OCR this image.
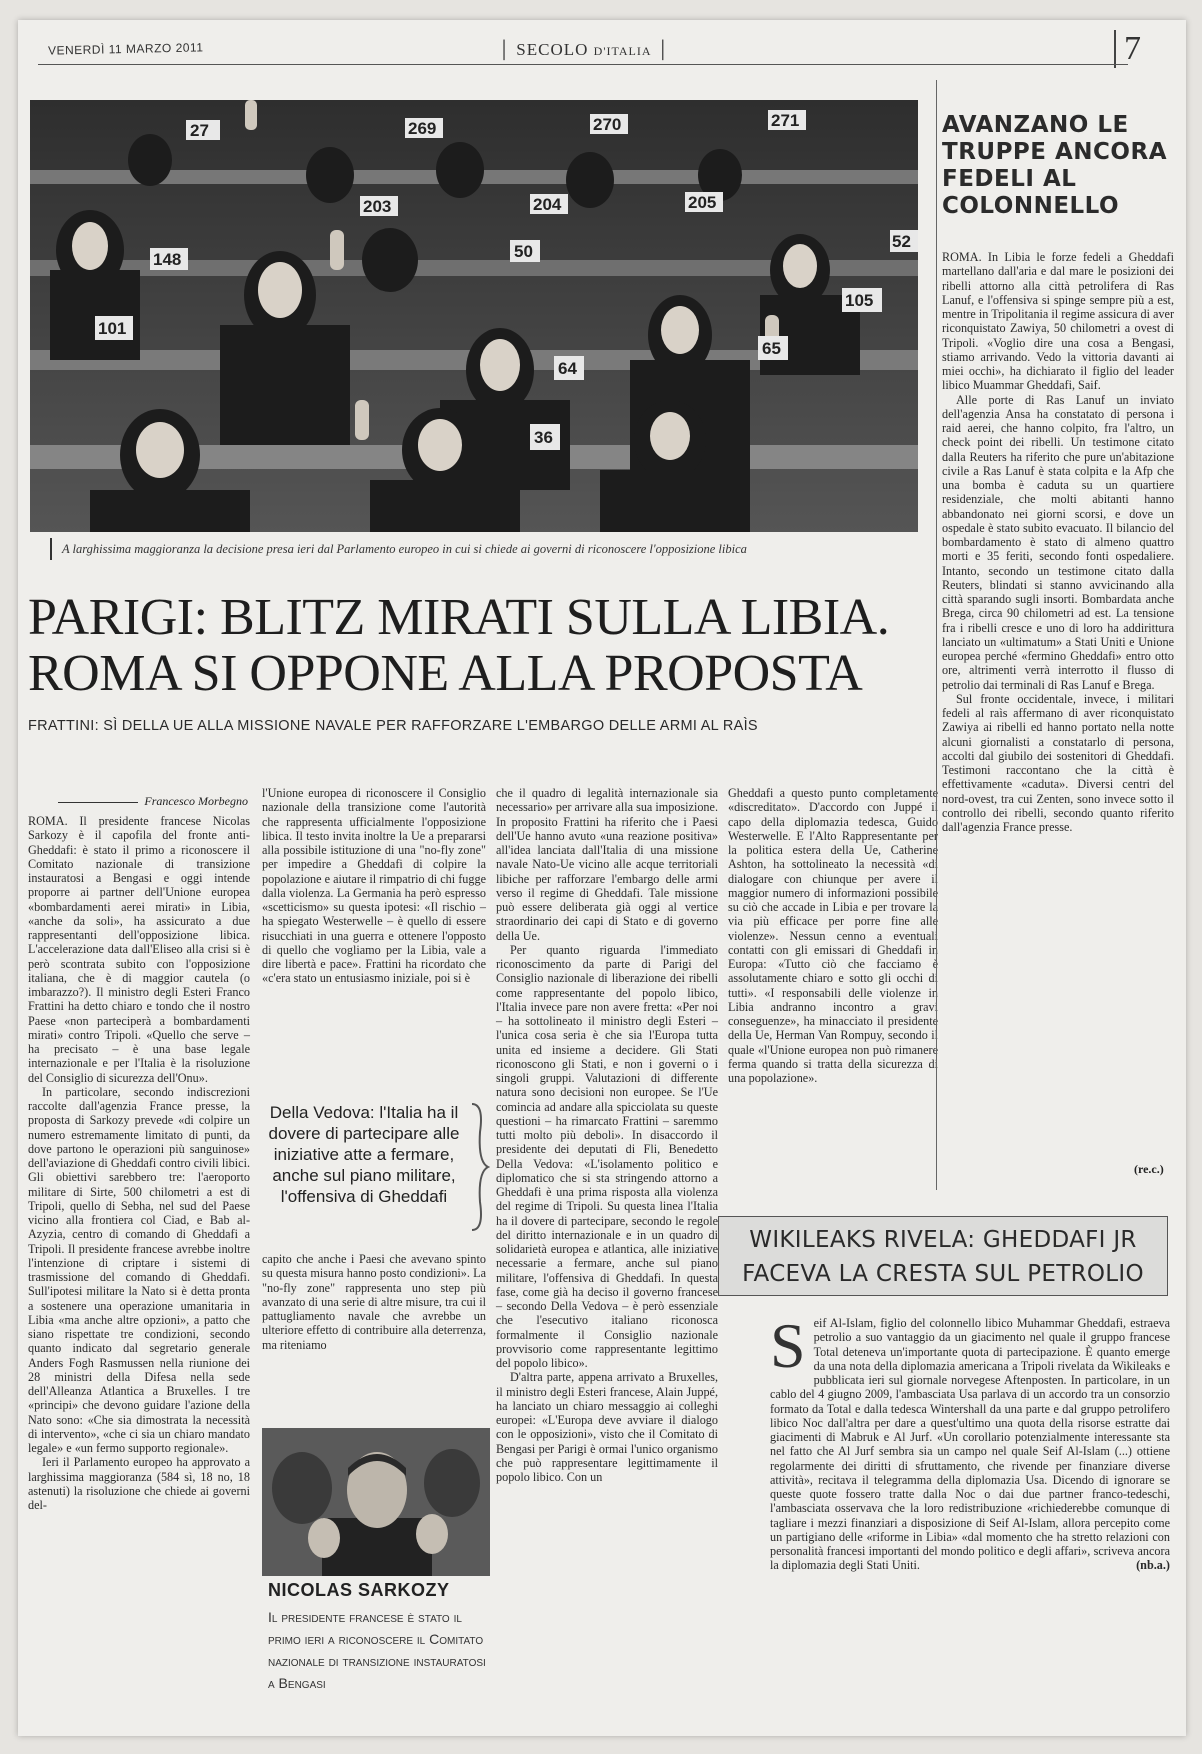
VENERDÌ 11 MARZO 2011	│ SECOLO D'ITALIA │	7
27	269	270	271
203	204	205
148	50
52
101
105
64
65
36
A larghissima maggioranza la decisione presa ieri dal Parlamento europeo in cui si chiede ai governi di riconoscere l'opposizione libica
PARIGI: BLITZ MIRATI SULLA LIBIA.
ROMA SI OPPONE ALLA PROPOSTA
FRATTINI: SÌ DELLA UE ALLA MISSIONE NAVALE PER RAFFORZARE L'EMBARGO DELLE ARMI AL RAÌS
Francesco Morbegno

ROMA. Il presidente francese Nicolas Sarkozy è il capofila del fronte anti-Gheddafi: è stato il primo a riconoscere il Comitato nazionale di transizione instauratosi a Bengasi e oggi intende proporre ai partner dell'Unione europea «bombardamenti aerei mirati» in Libia, «anche da soli», ha assicurato a due rappresentanti dell'opposizione libica. L'accelerazione data dall'Eliseo alla crisi si è però scontrata subito con l'opposizione italiana, che è di maggior cautela (o imbarazzo?). Il ministro degli Esteri Franco Frattini ha detto chiaro e tondo che il nostro Paese «non parteciperà a bombardamenti mirati» contro Tripoli. «Quello che serve – ha precisato – è una base legale internazionale e per l'Italia è la risoluzione del Consiglio di sicurezza dell'Onu».

In particolare, secondo indiscrezioni raccolte dall'agenzia France presse, la proposta di Sarkozy prevede «di colpire un numero estremamente limitato di punti, da dove partono le operazioni più sanguinose» dell'aviazione di Gheddafi contro civili libici. Gli obiettivi sarebbero tre: l'aeroporto militare di Sirte, 500 chilometri a est di Tripoli, quello di Sebha, nel sud del Paese vicino alla frontiera col Ciad, e Bab al-Azyzia, centro di comando di Gheddafi a Tripoli. Il presidente francese avrebbe inoltre l'intenzione di criptare i sistemi di trasmissione del comando di Gheddafi. Sull'ipotesi militare la Nato si è detta pronta a sostenere una operazione umanitaria in Libia «ma anche altre opzioni», a patto che siano rispettate tre condizioni, secondo quanto indicato dal segretario generale Anders Fogh Rasmussen nella riunione dei 28 ministri della Difesa nella sede dell'Alleanza Atlantica a Bruxelles. I tre «principi» che devono guidare l'azione della Nato sono: «Che sia dimostrata la necessità di intervento», «che ci sia un chiaro mandato legale» e «un fermo supporto regionale».

Ieri il Parlamento europeo ha approvato a larghissima maggioranza (584 sì, 18 no, 18 astenuti) la risoluzione che chiede ai governi del-

l'Unione europea di riconoscere il Consiglio nazionale della transizione come l'autorità che rappresenta ufficialmente l'opposizione libica. Il testo invita inoltre la Ue a prepararsi alla possibile istituzione di una "no-fly zone" per impedire a Gheddafi di colpire la popolazione e aiutare il rimpatrio di chi fugge dalla violenza. La Germania ha però espresso «scetticismo» su questa ipotesi: «Il rischio – ha spiegato Westerwelle – è quello di essere risucchiati in una guerra e ottenere l'opposto di quello che vogliamo per la Libia, vale a dire libertà e pace». Frattini ha ricordato che «c'era stato un entusiasmo iniziale, poi si è

Della Vedova: l'Italia ha il dovere di partecipare alle iniziative atte a fermare, anche sul piano militare, l'offensiva di Gheddafi

capito che anche i Paesi che avevano spinto su questa misura hanno posto condizioni». La "no-fly zone" rappresenta uno step più avanzato di una serie di altre misure, tra cui il pattugliamento navale che avrebbe un ulteriore effetto di contribuire alla deterrenza, ma riteniamo

NICOLAS SARKOZY
Il presidente francese è stato il primo ieri a riconoscere il Comitato nazionale di transizione instauratosi a Bengasi

che il quadro di legalità internazionale sia necessario» per arrivare alla sua imposizione. In proposito Frattini ha riferito che i Paesi dell'Ue hanno avuto «una reazione positiva» all'idea lanciata dall'Italia di una missione navale Nato-Ue vicino alle acque territoriali libiche per rafforzare l'embargo delle armi verso il regime di Gheddafi. Tale missione può essere deliberata già oggi al vertice straordinario dei capi di Stato e di governo della Ue.

Per quanto riguarda l'immediato riconoscimento da parte di Parigi del Consiglio nazionale di liberazione dei ribelli come rappresentante del popolo libico, l'Italia invece pare non avere fretta: «Per noi – ha sottolineato il ministro degli Esteri – l'unica cosa seria è che sia l'Europa tutta unita ed insieme a decidere. Gli Stati riconoscono gli Stati, e non i governi o i singoli gruppi. Valutazioni di differente natura sono decisioni non europee. Se l'Ue comincia ad andare alla spicciolata su queste questioni – ha rimarcato Frattini – saremmo tutti molto più deboli». In disaccordo il presidente dei deputati di Fli, Benedetto Della Vedova: «L'isolamento politico e diplomatico che si sta stringendo attorno a Gheddafi è una prima risposta alla violenza del regime di Tripoli. Su questa linea l'Italia ha il dovere di partecipare, secondo le regole del diritto internazionale e in un quadro di solidarietà europea e atlantica, alle iniziative necessarie a fermare, anche sul piano militare, l'offensiva di Gheddafi. In questa fase, come già ha deciso il governo francese – secondo Della Vedova – è però essenziale che l'esecutivo italiano riconosca formalmente il Consiglio nazionale provvisorio come rappresentante legittimo del popolo libico».

D'altra parte, appena arrivato a Bruxelles, il ministro degli Esteri francese, Alain Juppé, ha lanciato un chiaro messaggio ai colleghi europei: «L'Europa deve avviare il dialogo con le opposizioni», visto che il Comitato di Bengasi per Parigi è ormai l'unico organismo che può rappresentare legittimamente il popolo libico. Con un

Gheddafi a questo punto completamente «discreditato». D'accordo con Juppé il capo della diplomazia tedesca, Guido Westerwelle. E l'Alto Rappresentante per la politica estera della Ue, Catherine Ashton, ha sottolineato la necessità «di dialogare con chiunque per avere il maggior numero di informazioni possibile su ciò che accade in Libia e per trovare la via più efficace per porre fine alle violenze». Nessun cenno a eventuali contatti con gli emissari di Gheddafi in Europa: «Tutto ciò che facciamo è assolutamente chiaro e sotto gli occhi di tutti». «I responsabili delle violenze in Libia andranno incontro a gravi conseguenze», ha minacciato il presidente della Ue, Herman Van Rompuy, secondo il quale «l'Unione europea non può rimanere ferma quando si tratta della sicurezza di una popolazione».

AVANZANO LE TRUPPE ANCORA FEDELI AL COLONNELLO

ROMA. In Libia le forze fedeli a Gheddafi martellano dall'aria e dal mare le posizioni dei ribelli attorno alla città petrolifera di Ras Lanuf, e l'offensiva si spinge sempre più a est, mentre in Tripolitania il regime assicura di aver riconquistato Zawiya, 50 chilometri a ovest di Tripoli. «Voglio dire una cosa a Bengasi, stiamo arrivando. Vedo la vittoria davanti ai miei occhi», ha dichiarato il figlio del leader libico Muammar Gheddafi, Saif.

Alle porte di Ras Lanuf un inviato dell'agenzia Ansa ha constatato di persona i raid aerei, che hanno colpito, fra l'altro, un check point dei ribelli. Un testimone citato dalla Reuters ha riferito che pure un'abitazione civile a Ras Lanuf è stata colpita e la Afp che una bomba è caduta su un quartiere residenziale, che molti abitanti hanno abbandonato nei giorni scorsi, e dove un ospedale è stato subito evacuato. Il bilancio del bombardamento è stato di almeno quattro morti e 35 feriti, secondo fonti ospedaliere. Intanto, secondo un testimone citato dalla Reuters, blindati si stanno avvicinando alla città sparando sugli insorti. Bombardata anche Brega, circa 90 chilometri ad est. La tensione fra i ribelli cresce e uno di loro ha addirittura lanciato un «ultimatum» a Stati Uniti e Unione europea perché «fermino Gheddafi» entro otto ore, altrimenti verrà interrotto il flusso di petrolio dai terminali di Ras Lanuf e Brega.

Sul fronte occidentale, invece, i militari fedeli al raìs affermano di aver riconquistato Zawiya ai ribelli ed hanno portato nella notte alcuni giornalisti a constatarlo di persona, accolti dal giubilo dei sostenitori di Gheddafi. Testimoni raccontano che la città è effettivamente «caduta». Diversi centri del nord-ovest, tra cui Zenten, sono invece sotto il controllo dei ribelli, secondo quanto riferito dall'agenzia France presse.

(re.c.)
WIKILEAKS RIVELA: GHEDDAFI JR
FACEVA LA CRESTA SUL PETROLIO
Seif Al-Islam, figlio del colonnello libico Muhammar Gheddafi, estraeva petrolio a suo vantaggio da un giacimento nel quale il gruppo francese Total deteneva un'importante quota di partecipazione. È quanto emerge da una nota della diplomazia americana a Tripoli rivelata da Wikileaks e pubblicata ieri sul giornale norvegese Aftenposten. In particolare, in un cablo del 4 giugno 2009, l'ambasciata Usa parlava di un accordo tra un consorzio formato da Total e dalla tedesca Wintershall da una parte e dal gruppo petrolifero libico Noc dall'altra per dare a quest'ultimo una quota della risorse estratte dai giacimenti di Mabruk e Al Jurf. «Un corollario potenzialmente interessante sta nel fatto che Al Jurf sembra sia un campo nel quale Seif Al-Islam (...) ottiene regolarmente dei diritti di sfruttamento, che rivende per finanziare diverse attività», recitava il telegramma della diplomazia Usa. Dicendo di ignorare se queste quote fossero tratte dalla Noc o dai due partner franco-tedeschi, l'ambasciata osservava che la loro redistribuzione «richiederebbe comunque di tagliare i mezzi finanziari a disposizione di Seif Al-Islam, allora percepito come un partigiano delle «riforme in Libia» «dal momento che ha stretto relazioni con personalità francesi importanti del mondo politico e degli affari», scriveva ancora la diplomazia degli Stati Uniti.	(nb.a.)
